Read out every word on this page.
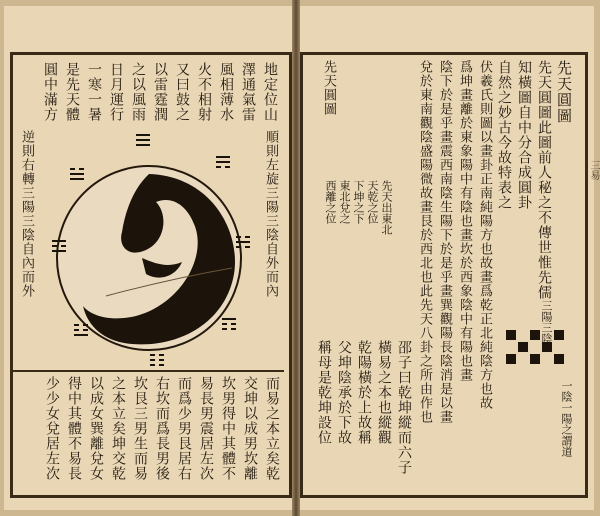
地定位山
澤通氣雷
風相薄水
火不相射
又曰鼓之
以雷霆潤
之以風雨
日月運行
一寒一暑
是先天體
圓中滿方
順則左旋三陽三陰自外而內
逆則右轉三陽三陰自內而外
而易之本立矣乾
交坤以成男坎離
坎男得中其體不
易長男震居左次
而爲少男艮居右
右坎而爲長男後
坎艮三男生而易
之本立矣坤交乾
以成女巽離兌女
得中其體不易長
少少女兌居左次
先天圓圖
先天圓圖	先天圓圖此圖前人秘之不傳世惟先儒
知橫圖自中分合成圓卦
自然之妙古今故特表之
伏羲氏則圖以畫卦正南純陽方也故畫爲乾正北純陰方也故
爲坤畫離於東象陽中有陰也畫坎於西象陰中有陽也畫
陰下於是乎畫震西南陰生陽下於是乎畫巽觀陽長陰消是以畫
兌於東南觀陰盛陽微故畫艮於西北也此先天八卦之所由作也
邵子曰乾坤縱而六子
橫易之本也縱觀
乾陽橫於上故稱
父坤陰承於下故
稱母是乾坤設位
先天出東北
天乾之位
下坤之下
東北兌之
西離之位
一陰一陽之謂道
三陽三陰
三易
